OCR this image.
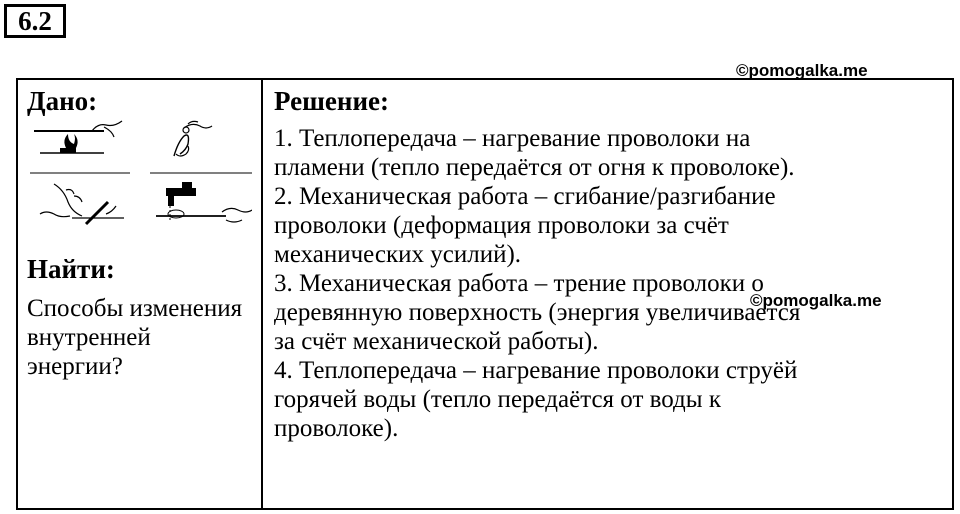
6.2
©pomogalka.me
Дано:
Найти:
Способы изменения внутренней энергии?
Решение:
1. Теплопередача – нагревание проволоки на
пламени (тепло передаётся от огня к проволоке).
2. Механическая работа – сгибание/разгибание
проволоки (деформация проволоки за счёт
механических усилий).
3. Механическая работа – трение проволоки о
деревянную поверхность (энергия увеличивается
за счёт механической работы).
4. Теплопередача – нагревание проволоки струёй
горячей воды (тепло передаётся от воды к
проволоке).
©pomogalka.me
